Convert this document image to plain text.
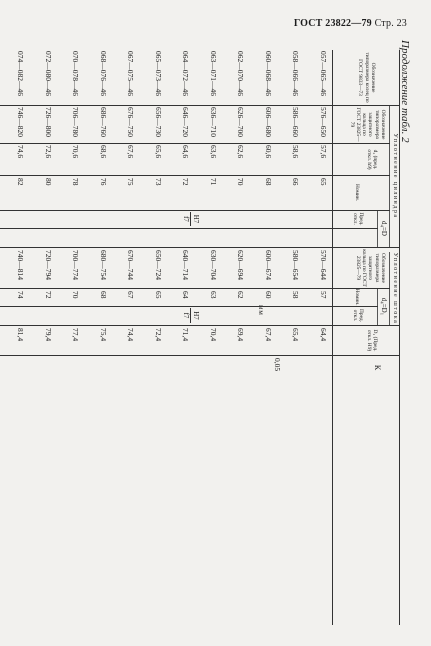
ГОСТ 23822—79 Стр. 23
Продолжение табл. 2
мм
Уплотнение цилиндра
Уплотнение штока
Обозначение типоразмера колец по ГОСТ 9833—73
Обозначение типоразмера защитного кольца по ГОСТ 23825—79
d₄ (пред. откл. h9)
d₄=D
Номин.
Пред. откл.
Обозначение типоразмера защитного кольца по ГОСТ 23825—79
d₄=D₁
Номин.
Пред. откл.
D₁ (Пред. откл. H9)
К
H7
f7
H7
f7
0,05
057—065—46
576—650
57,6
65
570—644
57
64,4
058—066—46
586—660
58,6
66
580—654
58
65,4
060—068—46
606—680
60,6
68
600—674
60
67,4
062—070—46
626—700
62,6
70
620—694
62
69,4
063—071—46
636—710
63,6
71
630—704
63
70,4
064—072—46
646—720
64,6
72
640—714
64
71,4
065—073—46
656—730
65,6
73
650—724
65
72,4
067—075—46
676—750
67,6
75
670—744
67
74,4
068—076—46
686—760
68,6
76
680—754
68
75,4
070—078—46
706—780
70,6
78
700—774
70
77,4
072—080—46
726—800
72,6
80
720—794
72
79,4
074—082—46
746—820
74,6
82
740—814
74
81,4
